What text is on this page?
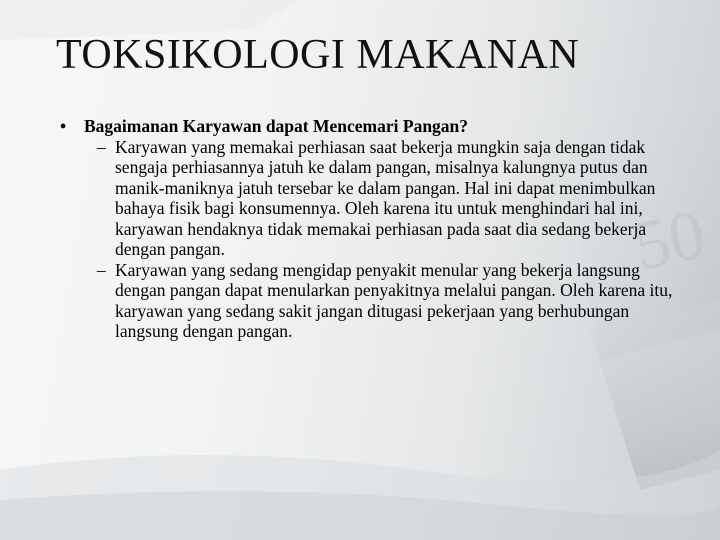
50
TOKSIKOLOGI MAKANAN
• Bagaimanan Karyawan dapat Mencemari Pangan?
– Karyawan yang memakai perhiasan saat bekerja mungkin saja dengan tidak sengaja perhiasannya jatuh ke dalam pangan, misalnya kalungnya putus dan manik-maniknya jatuh tersebar ke dalam pangan. Hal ini dapat menimbulkan bahaya fisik bagi konsumennya. Oleh karena itu untuk menghindari hal ini, karyawan hendaknya tidak memakai perhiasan pada saat dia sedang bekerja dengan pangan.
– Karyawan yang sedang mengidap penyakit menular yang bekerja langsung dengan pangan dapat menularkan penyakitnya melalui pangan. Oleh karena itu, karyawan yang sedang sakit jangan ditugasi pekerjaan yang berhubungan langsung dengan pangan.
